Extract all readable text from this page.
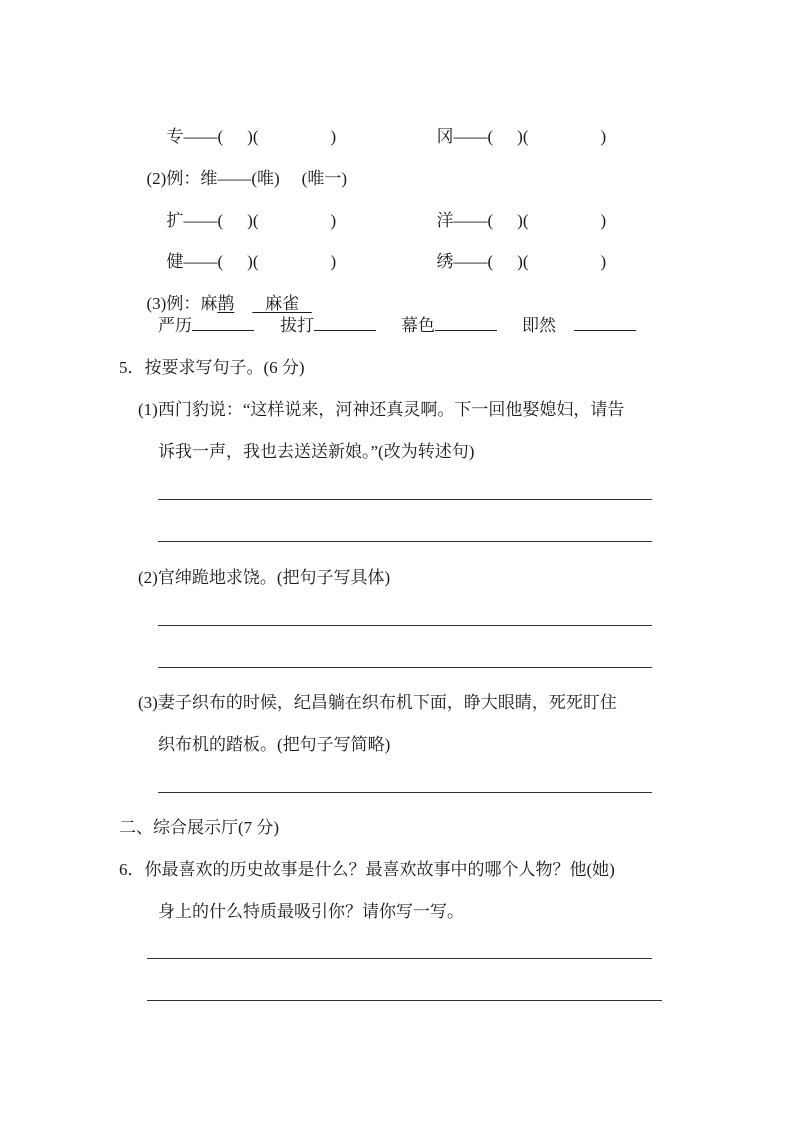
专——( )(	)	冈——( )(	)

(2)例：维——(唯) (唯一)

扩——( )(	)	洋——( )(	)

健——( )(	)	绣——( )(	)

(3)例：麻鹊 麻雀

严历	拔打	幕色	即然
5．按要求写句子。(6 分)
(1)西门豹说：“这样说来，河神还真灵啊。下一回他娶媳妇，请告
诉我一声，我也去送送新娘。”(改为转述句)
(2)官绅跪地求饶。(把句子写具体)
(3)妻子织布的时候，纪昌躺在织布机下面，睁大眼睛，死死盯住
织布机的踏板。(把句子写简略)
二、综合展示厅(7 分)
6．你最喜欢的历史故事是什么？最喜欢故事中的哪个人物？他(她)
身上的什么特质最吸引你？请你写一写。
